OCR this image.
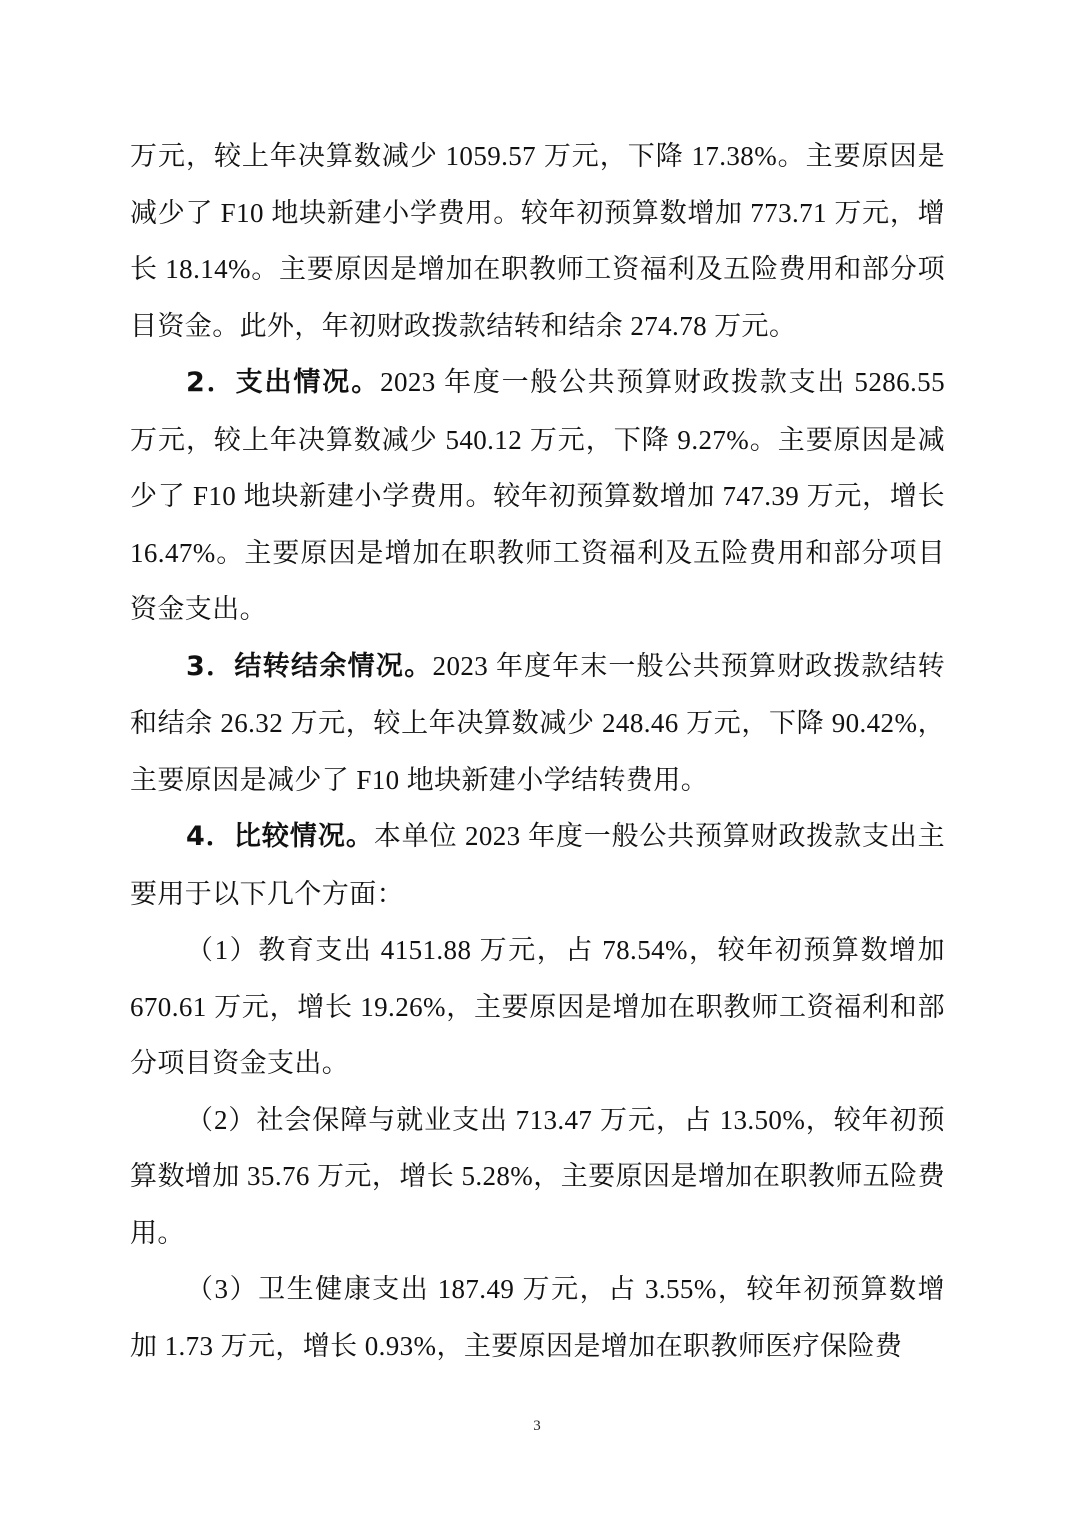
万元，较上年决算数减少 1059.57 万元，下降 17.38%。主要原因是减少了 F10 地块新建小学费用。较年初预算数增加 773.71 万元，增长 18.14%。主要原因是增加在职教师工资福利及五险费用和部分项目资金。此外，年初财政拨款结转和结余 274.78 万元。

2．支出情况。2023 年度一般公共预算财政拨款支出 5286.55 万元，较上年决算数减少 540.12 万元，下降 9.27%。主要原因是减少了 F10 地块新建小学费用。较年初预算数增加 747.39 万元，增长 16.47%。主要原因是增加在职教师工资福利及五险费用和部分项目资金支出。

3．结转结余情况。2023 年度年末一般公共预算财政拨款结转和结余 26.32 万元，较上年决算数减少 248.46 万元，下降 90.42%，主要原因是减少了 F10 地块新建小学结转费用。

4．比较情况。本单位 2023 年度一般公共预算财政拨款支出主要用于以下几个方面：

（1）教育支出 4151.88 万元，占 78.54%，较年初预算数增加 670.61 万元，增长 19.26%，主要原因是增加在职教师工资福利和部分项目资金支出。

（2）社会保障与就业支出 713.47 万元，占 13.50%，较年初预算数增加 35.76 万元，增长 5.28%，主要原因是增加在职教师五险费用。

（3）卫生健康支出 187.49 万元，占 3.55%，较年初预算数增加 1.73 万元，增长 0.93%，主要原因是增加在职教师医疗保险费

3
